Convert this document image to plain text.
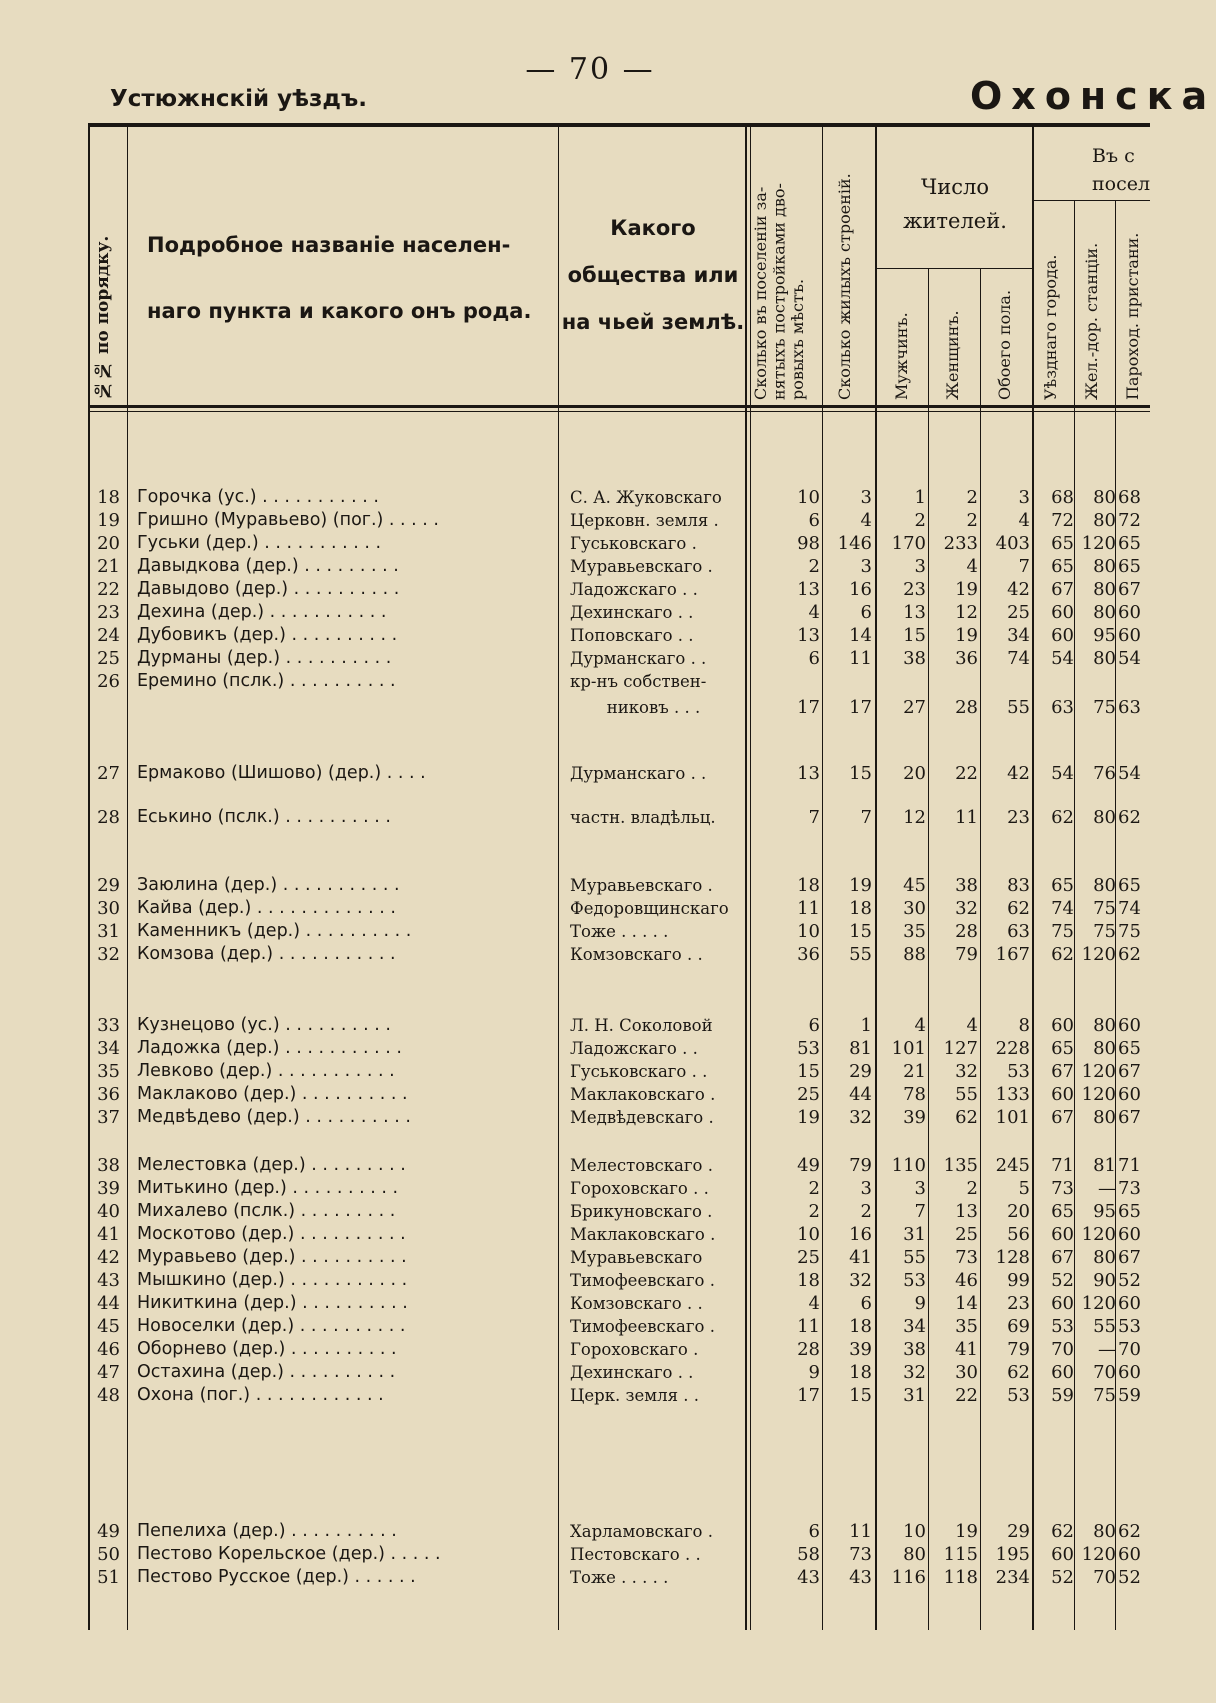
— 70 —
Устюжнскій уѣздъ.	Охонска
№№ по порядку.	Подробное названіе населен-
наго пункта и какого онъ рода.
Какого
общества или
на чьей землѣ.
Сколько въ поселеніи за-
нятыхъ постройками дво-
ровыхъ мѣстъ.	Сколько жилыхъ строеній.	Число
жителей.
Мужчинъ.	Женщинъ.	Обоего пола.
Въ с
посел
Уѣзднаго города.	Жел.-дор. станціи.	Пароход. пристани.
18 Горочка (ус.) . . . . . . . . . . .	С. А. Жуковскаго	10	3	1	2	3	68	80 68
19 Гришно (Муравьево) (пог.) . . . . .	Церковн. земля .	6	4	2	2	4	72	80 72
20 Гуськи (дер.) . . . . . . . . . . .	Гуськовскаго .	98 146	170 233 403	65 120 65
21 Давыдкова (дер.) . . . . . . . . .	Муравьевскаго .	2	3	3	4	7	65	80 65
22 Давыдово (дер.) . . . . . . . . . .	Ладожскаго . .	13	16	23	19	42	67	80 67
23 Дехина (дер.) . . . . . . . . . . .	Дехинскаго . .	4	6	13	12	25	60	80 60
24 Дубовикъ (дер.) . . . . . . . . . .	Поповскаго . .	13	14	15	19	34	60	95 60
25 Дурманы (дер.) . . . . . . . . . .	Дурманскаго . .	6	11	38	36	74	54	80 54
26 Еремино (пслк.) . . . . . . . . . .	кр-нъ собствен-
никовъ . . .	17	17	27	28	55	63	75 63
27 Ермаково (Шишово) (дер.) . . . .	Дурманскаго . .	13	15	20	22	42	54	76 54
28 Еськино (пслк.) . . . . . . . . . .	частн. владѣльц.	7	7	12	11	23	62	80 62
29 Заюлина (дер.) . . . . . . . . . . .	Муравьевскаго .	18	19	45	38	83	65	80 65
30 Кайва (дер.) . . . . . . . . . . . . .	Федоровщинскаго	11	18	30	32	62	74	75 74
31 Каменникъ (дер.) . . . . . . . . . .	Тоже . . . . .	10	15	35	28	63	75	75 75
32 Комзова (дер.) . . . . . . . . . . .	Комзовскаго . .	36	55	88	79 167	62 120 62
33 Кузнецово (ус.) . . . . . . . . . .	Л. Н. Соколовой	6	1	4	4	8	60	80 60
34 Ладожка (дер.) . . . . . . . . . . .	Ладожскаго . .	53	81	101 127 228	65	80 65
35 Левково (дер.) . . . . . . . . . . .	Гуськовскаго . .	15	29	21	32	53	67 120 67
36 Маклаково (дер.) . . . . . . . . . .	Маклаковскаго .	25	44	78	55 133	60 120 60
37 Медвѣдево (дер.) . . . . . . . . . .	Медвѣдевскаго .	19	32	39	62 101	67	80 67
38 Мелестовка (дер.) . . . . . . . . .	Мелестовскаго .	49	79	110 135 245	71	81 71
39 Митькино (дер.) . . . . . . . . . .	Гороховскаго . .	2	3	3	2	5	73	— 73
40 Михалево (пслк.) . . . . . . . . .	Брикуновскаго .	2	2	7	13	20	65	95 65
41 Москотово (дер.) . . . . . . . . . .	Маклаковскаго .	10	16	31	25	56	60 120 60
42 Муравьево (дер.) . . . . . . . . . .	Муравьевскаго	25	41	55	73 128	67	80 67
43 Мышкино (дер.) . . . . . . . . . . .	Тимофеевскаго .	18	32	53	46	99	52	90 52
44 Никиткина (дер.) . . . . . . . . . .	Комзовскаго . .	4	6	9	14	23	60 120 60
45 Новоселки (дер.) . . . . . . . . . .	Тимофеевскаго .	11	18	34	35	69	53	55 53
46 Оборнево (дер.) . . . . . . . . . .	Гороховскаго .	28	39	38	41	79	70	— 70
47 Остахина (дер.) . . . . . . . . . .	Дехинскаго . .	9	18	32	30	62	60	70 60
48 Охона (пог.) . . . . . . . . . . . .	Церк. земля . .	17	15	31	22	53	59	75 59
49 Пепелиха (дер.) . . . . . . . . . .	Харламовскаго .	6	11	10	19	29	62	80 62
50 Пестово Корельское (дер.) . . . . .	Пестовскаго . .	58	73	80 115 195	60 120 60
51 Пестово Русское (дер.) . . . . . .	Тоже . . . . .	43	43	116 118 234	52	70 52
